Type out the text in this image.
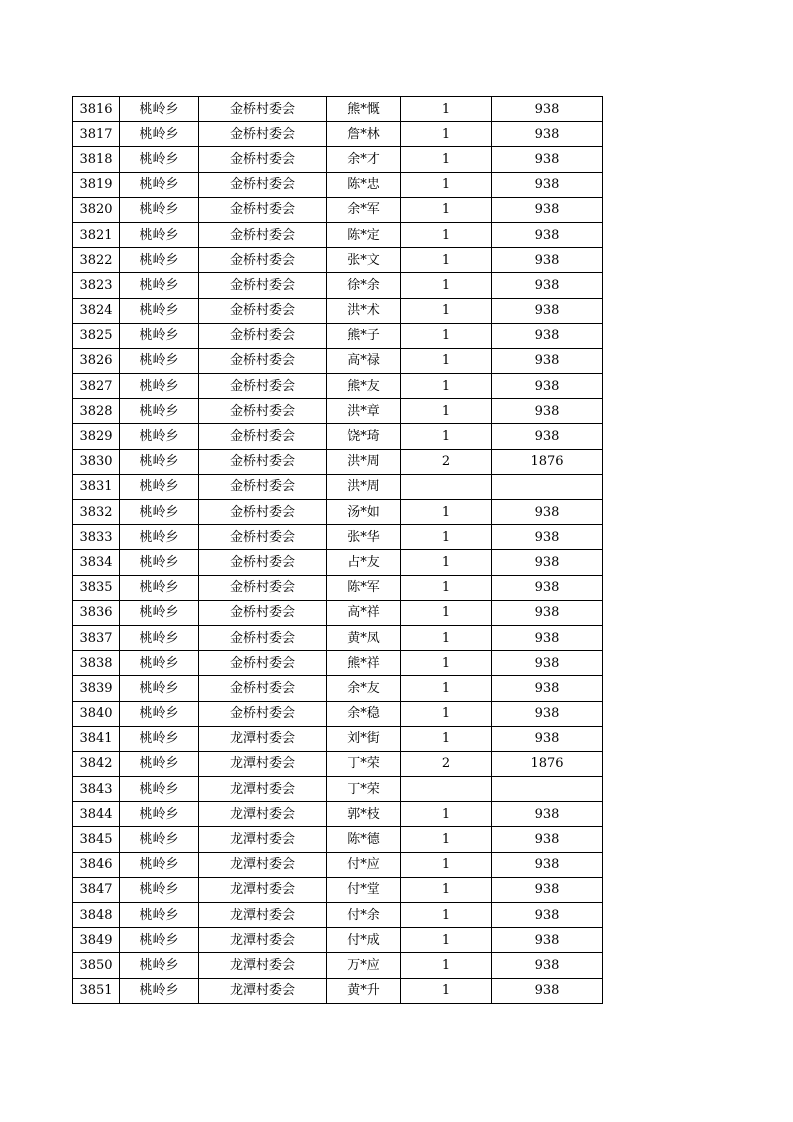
3816	桃岭乡	金桥村委会	熊*慨	1	938
3817	桃岭乡	金桥村委会	詹*林	1	938
3818	桃岭乡	金桥村委会	余*才	1	938
3819	桃岭乡	金桥村委会	陈*忠	1	938
3820	桃岭乡	金桥村委会	余*军	1	938
3821	桃岭乡	金桥村委会	陈*定	1	938
3822	桃岭乡	金桥村委会	张*文	1	938
3823	桃岭乡	金桥村委会	徐*余	1	938
3824	桃岭乡	金桥村委会	洪*术	1	938
3825	桃岭乡	金桥村委会	熊*子	1	938
3826	桃岭乡	金桥村委会	高*禄	1	938
3827	桃岭乡	金桥村委会	熊*友	1	938
3828	桃岭乡	金桥村委会	洪*章	1	938
3829	桃岭乡	金桥村委会	饶*琦	1	938
3830	桃岭乡	金桥村委会	洪*周	2	1876
3831	桃岭乡	金桥村委会	洪*周		
3832	桃岭乡	金桥村委会	汤*如	1	938
3833	桃岭乡	金桥村委会	张*华	1	938
3834	桃岭乡	金桥村委会	占*友	1	938
3835	桃岭乡	金桥村委会	陈*军	1	938
3836	桃岭乡	金桥村委会	高*祥	1	938
3837	桃岭乡	金桥村委会	黄*凤	1	938
3838	桃岭乡	金桥村委会	熊*祥	1	938
3839	桃岭乡	金桥村委会	余*友	1	938
3840	桃岭乡	金桥村委会	余*稳	1	938
3841	桃岭乡	龙潭村委会	刘*街	1	938
3842	桃岭乡	龙潭村委会	丁*荣	2	1876
3843	桃岭乡	龙潭村委会	丁*荣		
3844	桃岭乡	龙潭村委会	郭*枝	1	938
3845	桃岭乡	龙潭村委会	陈*德	1	938
3846	桃岭乡	龙潭村委会	付*应	1	938
3847	桃岭乡	龙潭村委会	付*堂	1	938
3848	桃岭乡	龙潭村委会	付*余	1	938
3849	桃岭乡	龙潭村委会	付*成	1	938
3850	桃岭乡	龙潭村委会	万*应	1	938
3851	桃岭乡	龙潭村委会	黄*升	1	938
